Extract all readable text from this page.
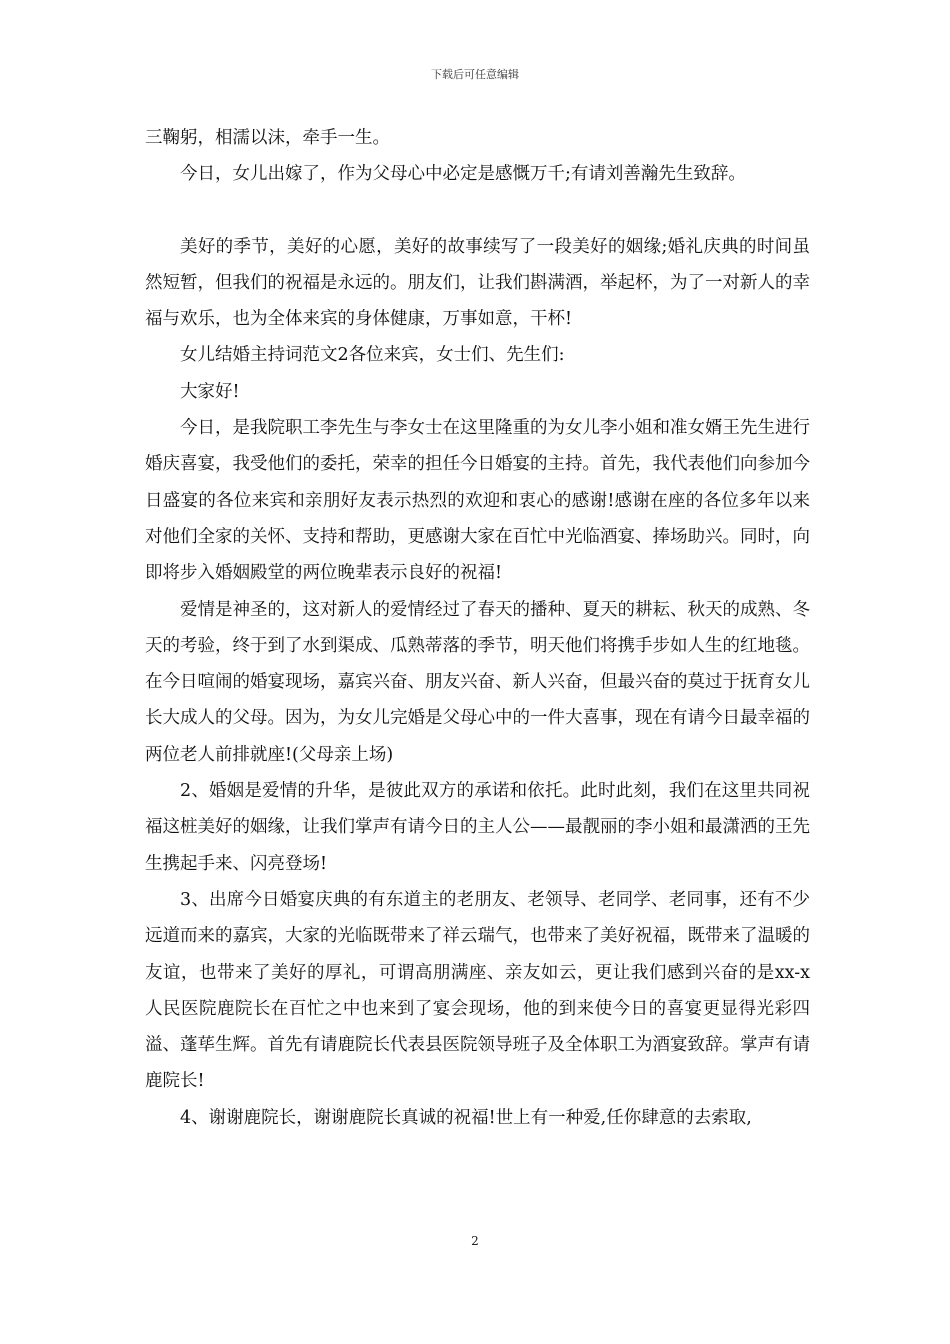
下载后可任意编辑

三鞠躬，相濡以沫，牵手一生。

今日，女儿出嫁了，作为父母心中必定是感慨万千;有请刘善瀚先生致辞。

美好的季节，美好的心愿，美好的故事续写了一段美好的姻缘;婚礼庆典的时间虽然短暂，但我们的祝福是永远的。朋友们，让我们斟满酒，举起杯，为了一对新人的幸福与欢乐，也为全体来宾的身体健康，万事如意，干杯!

女儿结婚主持词范文2各位来宾，女士们、先生们:

大家好!

今日，是我院职工李先生与李女士在这里隆重的为女儿李小姐和准女婿王先生进行婚庆喜宴，我受他们的委托，荣幸的担任今日婚宴的主持。首先，我代表他们向参加今日盛宴的各位来宾和亲朋好友表示热烈的欢迎和衷心的感谢!感谢在座的各位多年以来对他们全家的关怀、支持和帮助，更感谢大家在百忙中光临酒宴、捧场助兴。同时，向即将步入婚姻殿堂的两位晚辈表示良好的祝福!

爱情是神圣的，这对新人的爱情经过了春天的播种、夏天的耕耘、秋天的成熟、冬天的考验，终于到了水到渠成、瓜熟蒂落的季节，明天他们将携手步如人生的红地毯。在今日喧闹的婚宴现场，嘉宾兴奋、朋友兴奋、新人兴奋，但最兴奋的莫过于抚育女儿长大成人的父母。因为，为女儿完婚是父母心中的一件大喜事，现在有请今日最幸福的两位老人前排就座!(父母亲上场)

2、婚姻是爱情的升华，是彼此双方的承诺和依托。此时此刻，我们在这里共同祝福这桩美好的姻缘，让我们掌声有请今日的主人公——最靓丽的李小姐和最潇洒的王先生携起手来、闪亮登场!

3、出席今日婚宴庆典的有东道主的老朋友、老领导、老同学、老同事，还有不少远道而来的嘉宾，大家的光临既带来了祥云瑞气，也带来了美好祝福，既带来了温暖的友谊，也带来了美好的厚礼，可谓高朋满座、亲友如云，更让我们感到兴奋的是xx-x人民医院鹿院长在百忙之中也来到了宴会现场，他的到来使今日的喜宴更显得光彩四溢、蓬荜生辉。首先有请鹿院长代表县医院领导班子及全体职工为酒宴致辞。掌声有请鹿院长!

4、谢谢鹿院长，谢谢鹿院长真诚的祝福!世上有一种爱,任你肆意的去索取,

2
